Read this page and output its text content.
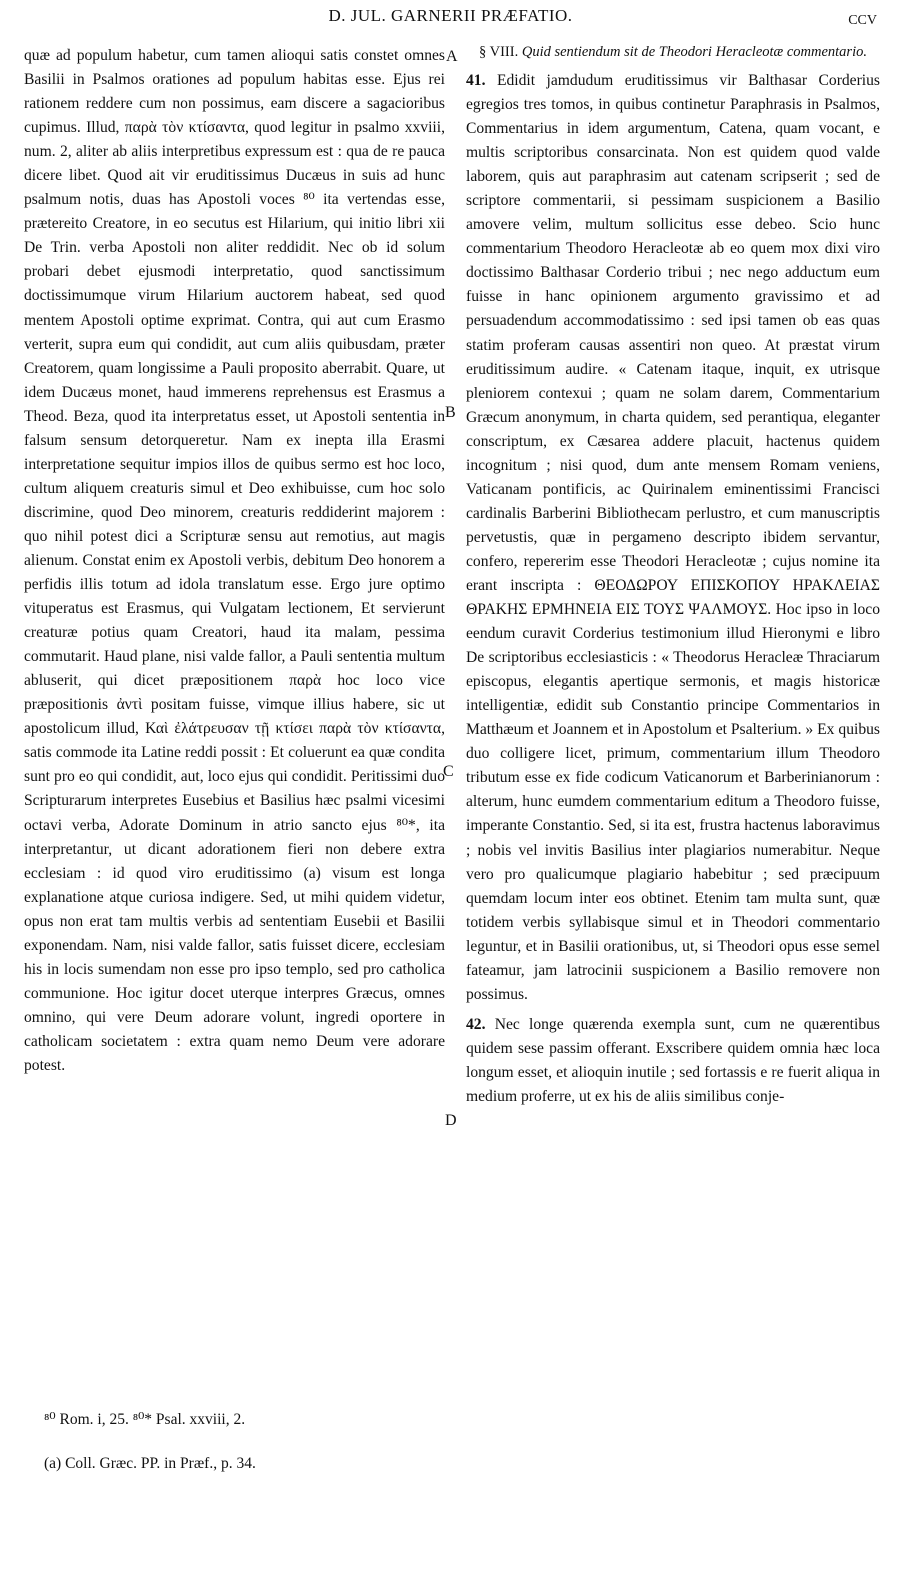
D. JUL. GARNERII PRÆFATIO.	CCV

quæ ad populum habetur, cum tamen alioqui satis constet omnes Basilii in Psalmos orationes ad populum habitas esse. Ejus rei rationem reddere cum non possimus, eam discere a sagacioribus cupimus. Illud, παρὰ τὸν κτίσαντα, quod legitur in psalmo xxviii, num. 2, aliter ab aliis interpretibus expressum est : qua de re pauca dicere libet. Quod ait vir eruditissimus Ducæus in suis ad hunc psalmum notis, duas has Apostoli voces ⁸⁰ ita vertendas esse, prætereito Creatore, in eo secutus est Hilarium, qui initio libri xii De Trin. verba Apostoli non aliter reddidit. Nec ob id solum probari debet ejusmodi interpretatio, quod sanctissimum doctissimumque virum Hilarium auctorem habeat, sed quod mentem Apostoli optime exprimat. Contra, qui aut cum Erasmo verterit, supra eum qui condidit, aut cum aliis quibusdam, præter Creatorem, quam longissime a Pauli proposito aberrabit. Quare, ut idem Ducæus monet, haud immerens reprehensus est Erasmus a Theod. Beza, quod ita interpretatus esset, ut Apostoli sententia in falsum sensum detorqueretur. Nam ex inepta illa Erasmi interpretatione sequitur impios illos de quibus sermo est hoc loco, cultum aliquem creaturis simul et Deo exhibuisse, cum hoc solo discrimine, quod Deo minorem, creaturis reddiderint majorem : quo nihil potest dici a Scripturæ sensu aut remotius, aut magis alienum. Constat enim ex Apostoli verbis, debitum Deo honorem a perfidis illis totum ad idola translatum esse. Ergo jure optimo vituperatus est Erasmus, qui Vulgatam lectionem, Et servierunt creaturæ potius quam Creatori, haud ita malam, pessima commutarit. Haud plane, nisi valde fallor, a Pauli sententia multum abluserit, qui dicet præpositionem παρὰ hoc loco vice præpositionis ἀντὶ positam fuisse, vimque illius habere, sic ut apostolicum illud, Καὶ ἐλάτρευσαν τῇ κτίσει παρὰ τὸν κτίσαντα, satis commode ita Latine reddi possit : Et coluerunt ea quæ condita sunt pro eo qui condidit, aut, loco ejus qui condidit. Peritissimi duo Scripturarum interpretes Eusebius et Basilius hæc psalmi vicesimi octavi verba, Adorate Dominum in atrio sancto ejus ⁸⁰*, ita interpretantur, ut dicant adorationem fieri non debere extra ecclesiam : id quod viro eruditissimo (a) visum est longa explanatione atque curiosa indigere. Sed, ut mihi quidem videtur, opus non erat tam multis verbis ad sententiam Eusebii et Basilii exponendam. Nam, nisi valde fallor, satis fuisset dicere, ecclesiam his in locis sumendam non esse pro ipso templo, sed pro catholica communione. Hoc igitur docet uterque interpres Græcus, omnes omnino, qui vere Deum adorare volunt, ingredi oportere in catholicam societatem : extra quam nemo Deum vere adorare potest.

A
B
C
D
§ VIII. Quid sentiendum sit de Theodori Heracleotæ commentario.

41. Edidit jamdudum eruditissimus vir Balthasar Corderius egregios tres tomos, in quibus continetur Paraphrasis in Psalmos, Commentarius in idem argumentum, Catena, quam vocant, e multis scriptoribus consarcinata. Non est quidem quod valde laborem, quis aut paraphrasim aut catenam scripserit ; sed de scriptore commentarii, si pessimam suspicionem a Basilio amovere velim, multum sollicitus esse debeo. Scio hunc commentarium Theodoro Heracleotæ ab eo quem mox dixi viro doctissimo Balthasar Corderio tribui ; nec nego adductum eum fuisse in hanc opinionem argumento gravissimo et ad persuadendum accommodatissimo : sed ipsi tamen ob eas quas statim proferam causas assentiri non queo. At præstat virum eruditissimum audire. « Catenam itaque, inquit, ex utrisque pleniorem contexui ; quam ne solam darem, Commentarium Græcum anonymum, in charta quidem, sed perantiqua, eleganter conscriptum, ex Cæsarea addere placuit, hactenus quidem incognitum ; nisi quod, dum ante mensem Romam veniens, Vaticanam pontificis, ac Quirinalem eminentissimi Francisci cardinalis Barberini Bibliothecam perlustro, et cum manuscriptis pervetustis, quæ in pergameno descripto ibidem servantur, confero, repererim esse Theodori Heracleotæ ; cujus nomine ita erant inscripta : ΘΕΟΔΩΡΟΥ ΕΠΙΣΚΟΠΟΥ ΗΡΑΚΛΕΙΑΣ ΘΡΑΚΗΣ ΕΡΜΗΝΕΙΑ ΕΙΣ ΤΟΥΣ ΨΑΛΜΟΥΣ. Hoc ipso in loco eendum curavit Corderius testimonium illud Hieronymi e libro De scriptoribus ecclesiasticis : « Theodorus Heracleæ Thraciarum episcopus, elegantis apertique sermonis, et magis historicæ intelligentiæ, edidit sub Constantio principe Commentarios in Matthæum et Joannem et in Apostolum et Psalterium. » Ex quibus duo colligere licet, primum, commentarium illum Theodoro tributum esse ex fide codicum Vaticanorum et Barberinianorum : alterum, hunc eumdem commentarium editum a Theodoro fuisse, imperante Constantio. Sed, si ita est, frustra hactenus laboravimus ; nobis vel invitis Basilius inter plagiarios numerabitur. Neque vero pro qualicumque plagiario habebitur ; sed præcipuum quemdam locum inter eos obtinet. Etenim tam multa sunt, quæ totidem verbis syllabisque simul et in Theodori commentario leguntur, et in Basilii orationibus, ut, si Theodori opus esse semel fateamur, jam latrocinii suspicionem a Basilio removere non possimus.

42. Nec longe quærenda exempla sunt, cum ne quærentibus quidem sese passim offerant. Exscribere quidem omnia hæc loca longum esset, et alioquin inutile ; sed fortassis e re fuerit aliqua in medium proferre, ut ex his de aliis similibus conje-

⁸⁰ Rom. i, 25. ⁸⁰* Psal. xxviii, 2.

(a) Coll. Græc. PP. in Præf., p. 34.
